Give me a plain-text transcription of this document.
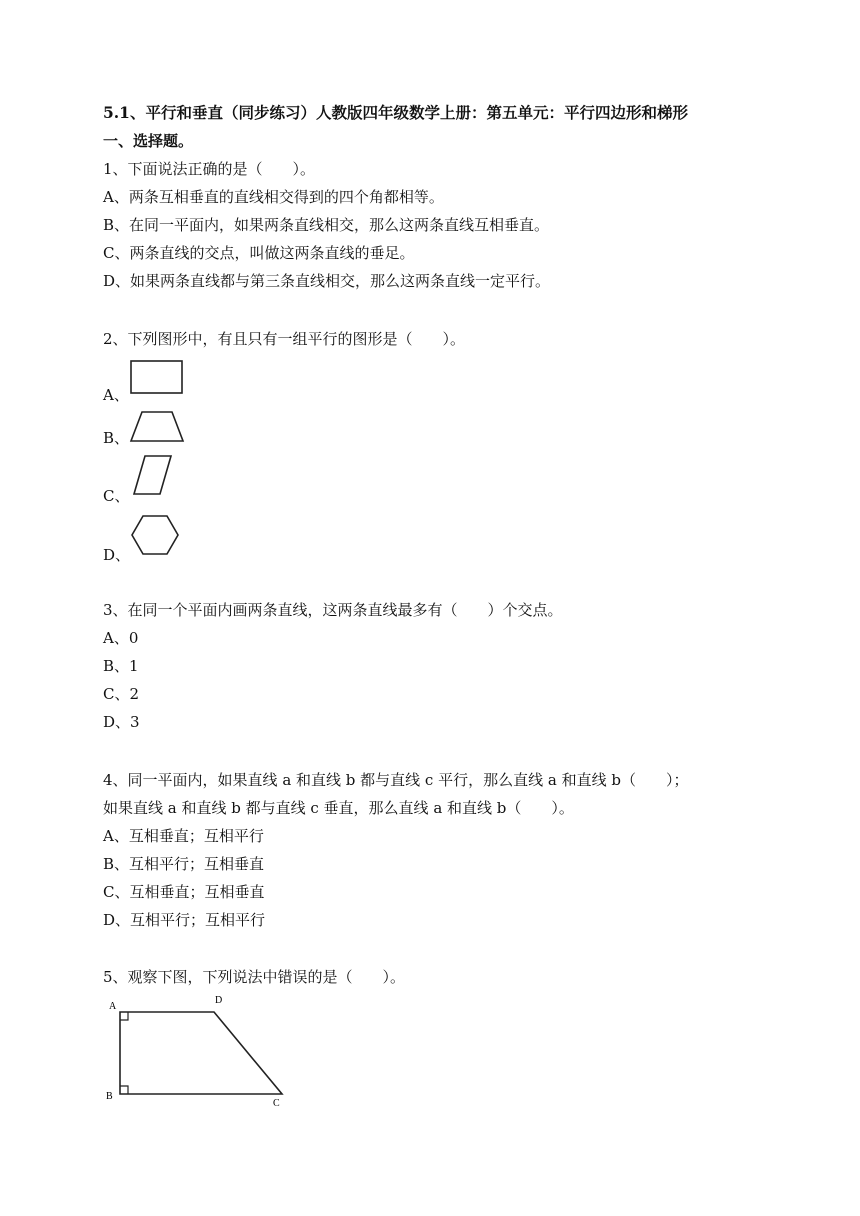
5.1、平行和垂直（同步练习）人教版四年级数学上册：第五单元：平行四边形和梯形
一、选择题。
1、下面说法正确的是（　　）。
A、两条互相垂直的直线相交得到的四个角都相等。
B、在同一平面内，如果两条直线相交，那么这两条直线互相垂直。
C、两条直线的交点，叫做这两条直线的垂足。
D、如果两条直线都与第三条直线相交，那么这两条直线一定平行。
2、下列图形中，有且只有一组平行的图形是（　　）。
A、
B、
C、
D、
3、在同一个平面内画两条直线，这两条直线最多有（　　）个交点。
A、0
B、1
C、2
D、3
4、同一平面内，如果直线 a 和直线 b 都与直线 c 平行，那么直线 a 和直线 b（　　）；
如果直线 a 和直线 b 都与直线 c 垂直，那么直线 a 和直线 b（　　）。
A、互相垂直；互相平行
B、互相平行；互相垂直
C、互相垂直；互相垂直
D、互相平行；互相平行
5、观察下图，下列说法中错误的是（　　）。
A
D
B
C
